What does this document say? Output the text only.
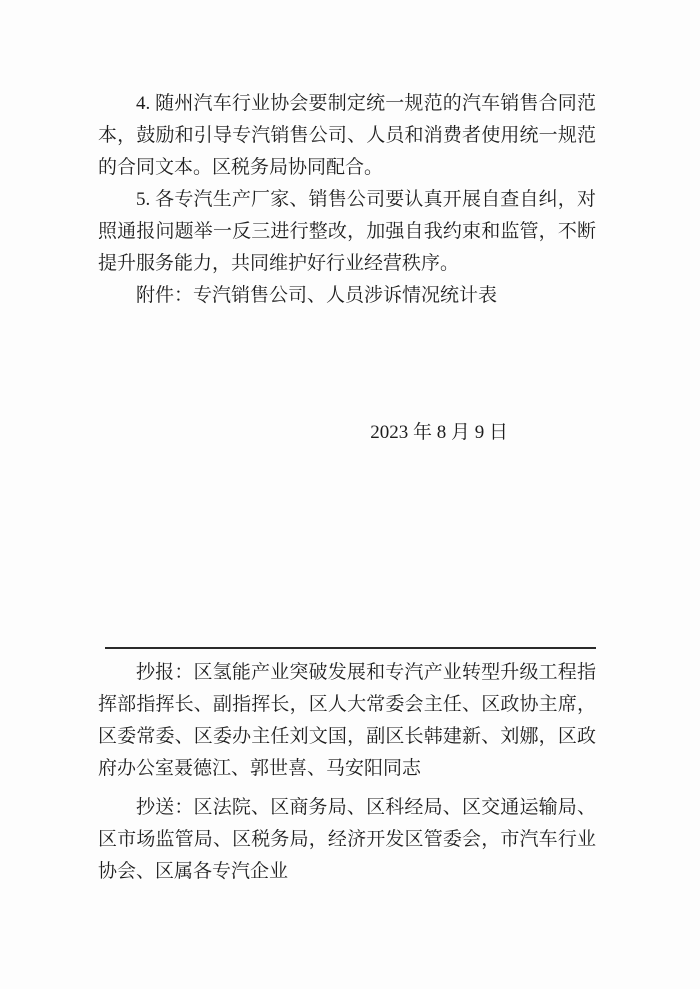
4. 随州汽车行业协会要制定统一规范的汽车销售合同范本，鼓励和引导专汽销售公司、人员和消费者使用统一规范的合同文本。区税务局协同配合。
5. 各专汽生产厂家、销售公司要认真开展自查自纠，对照通报问题举一反三进行整改，加强自我约束和监管，不断提升服务能力，共同维护好行业经营秩序。
附件：专汽销售公司、人员涉诉情况统计表
2023 年 8 月 9 日
抄报：区氢能产业突破发展和专汽产业转型升级工程指挥部指挥长、副指挥长，区人大常委会主任、区政协主席，区委常委、区委办主任刘文国，副区长韩建新、刘娜，区政府办公室聂德江、郭世喜、马安阳同志
抄送：区法院、区商务局、区科经局、区交通运输局、区市场监管局、区税务局，经济开发区管委会，市汽车行业协会、区属各专汽企业
